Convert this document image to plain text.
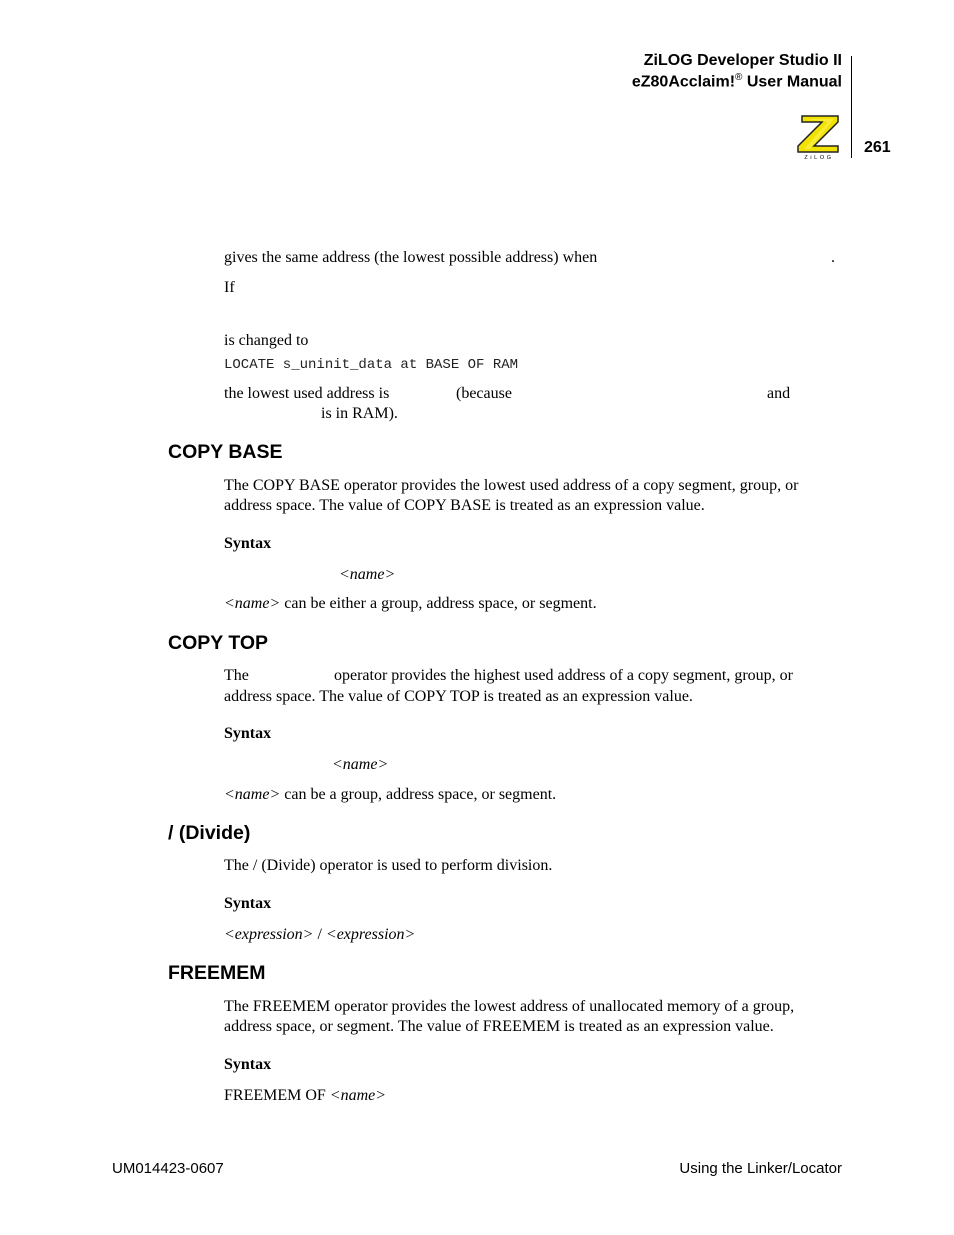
ZiLOG Developer Studio II
eZ80Acclaim!® User Manual
261
ZiLOG
gives the same address (the lowest possible address) when	.
If
is changed to
LOCATE s_uninit_data at BASE OF RAM
the lowest used address is	(because	and
is in RAM).
COPY BASE
The COPY BASE operator provides the lowest used address of a copy segment, group, or
address space. The value of COPY BASE is treated as an expression value.
Syntax
<name>
<name> can be either a group, address space, or segment.
COPY TOP
The	operator provides the highest used address of a copy segment, group, or
address space. The value of COPY TOP is treated as an expression value.
Syntax
<name>
<name> can be a group, address space, or segment.
/ (Divide)
The / (Divide) operator is used to perform division.
Syntax
<expression> / <expression>
FREEMEM
The FREEMEM operator provides the lowest address of unallocated memory of a group,
address space, or segment. The value of FREEMEM is treated as an expression value.
Syntax
FREEMEM OF <name>
UM014423-0607	Using the Linker/Locator
